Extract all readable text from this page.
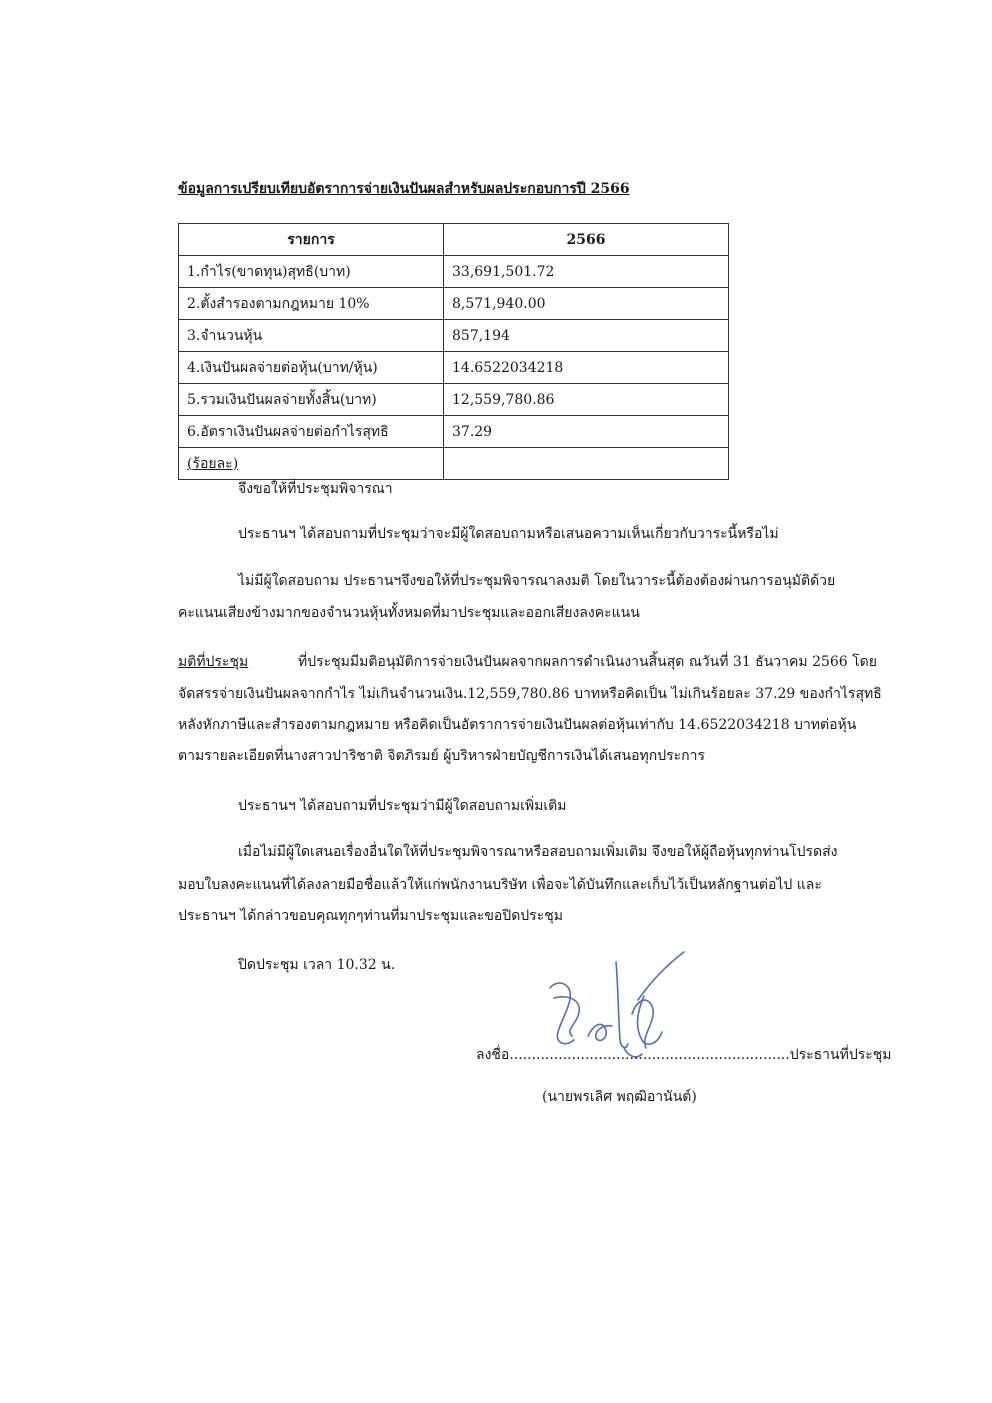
ข้อมูลการเปรียบเทียบอัตราการจ่ายเงินปันผลสำหรับผลประกอบการปี 2566
รายการ	2566
1.กำไร(ขาดทุน)สุทธิ(บาท)	33,691,501.72
2.ตั้งสำรองตามกฎหมาย 10%	8,571,940.00
3.จำนวนหุ้น	857,194
4.เงินปันผลจ่ายต่อหุ้น(บาท/หุ้น)	14.6522034218
5.รวมเงินปันผลจ่ายทั้งสิ้น(บาท)	12,559,780.86
6.อัตราเงินปันผลจ่ายต่อกำไรสุทธิ	37.29
(ร้อยละ)	
จึงขอให้ที่ประชุมพิจารณา
ประธานฯ ได้สอบถามที่ประชุมว่าจะมีผู้ใดสอบถามหรือเสนอความเห็นเกี่ยวกับวาระนี้หรือไม่
ไม่มีผู้ใดสอบถาม ประธานฯจึงขอให้ที่ประชุมพิจารณาลงมติ โดยในวาระนี้ต้องต้องผ่านการอนุมัติด้วย
คะแนนเสียงข้างมากของจำนวนหุ้นทั้งหมดที่มาประชุมและออกเสียงลงคะแนน
มติที่ประชุม	ที่ประชุมมีมติอนุมัติการจ่ายเงินปันผลจากผลการดำเนินงานสิ้นสุด ณวันที่ 31 ธันวาคม 2566 โดย
จัดสรรจ่ายเงินปันผลจากกำไร ไม่เกินจำนวนเงิน.12,559,780.86 บาทหรือคิดเป็น ไม่เกินร้อยละ 37.29 ของกำไรสุทธิ
หลังหักภาษีและสำรองตามกฎหมาย หรือคิดเป็นอัตราการจ่ายเงินปันผลต่อหุ้นเท่ากับ 14.6522034218 บาทต่อหุ้น
ตามรายละเอียดที่นางสาวปาริชาติ จิตภิรมย์ ผู้บริหารฝ่ายบัญชีการเงินได้เสนอทุกประการ
ประธานฯ ได้สอบถามที่ประชุมว่ามีผู้ใดสอบถามเพิ่มเติม
เมื่อไม่มีผู้ใดเสนอเรื่องอื่นใดให้ที่ประชุมพิจารณาหรือสอบถามเพิ่มเติม จึงขอให้ผู้ถือหุ้นทุกท่านโปรดส่ง
มอบใบลงคะแนนที่ได้ลงลายมือชื่อแล้วให้แก่พนักงานบริษัท เพื่อจะได้บันทึกและเก็บไว้เป็นหลักฐานต่อไป และ
ประธานฯ ได้กล่าวขอบคุณทุกๆท่านที่มาประชุมและขอปิดประชุม
ปิดประชุม เวลา 10.32 น.
ลงชื่อ...............................................................ประธานที่ประชุม
(นายพรเลิศ พฤฒิอานันต์)
